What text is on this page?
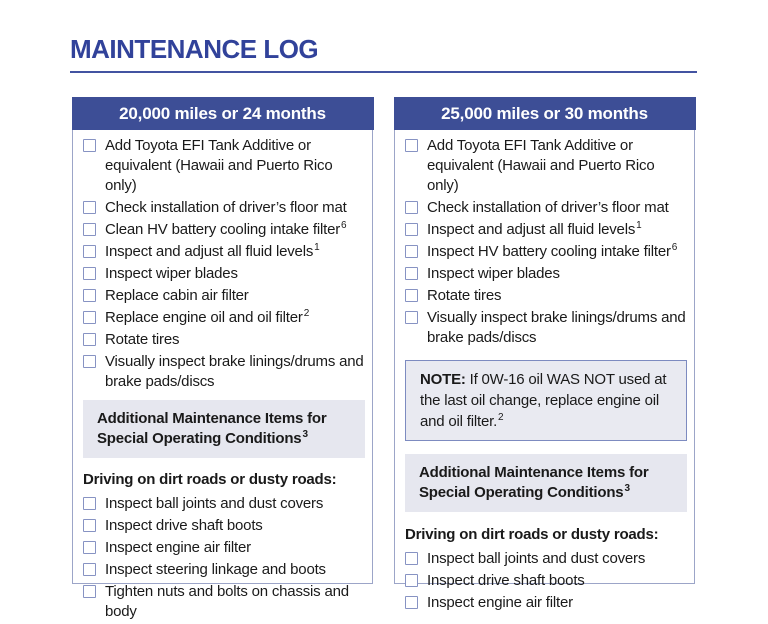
MAINTENANCE LOG
20,000 miles or 24 months
Add Toyota EFI Tank Additive or equivalent (Hawaii and Puerto Rico only)
Check installation of driver’s floor mat
Clean HV battery cooling intake filter$^6$
Inspect and adjust all fluid levels$^1$
Inspect wiper blades
Replace cabin air filter
Replace engine oil and oil filter$^2$
Rotate tires
Visually inspect brake linings/drums and brake pads/discs
Additional Maintenance Items for Special Operating Conditions$^3$
Driving on dirt roads or dusty roads:
Inspect ball joints and dust covers
Inspect drive shaft boots
Inspect engine air filter
Inspect steering linkage and boots
Tighten nuts and bolts on chassis and body
25,000 miles or 30 months
Add Toyota EFI Tank Additive or equivalent (Hawaii and Puerto Rico only)
Check installation of driver’s floor mat
Inspect and adjust all fluid levels$^1$
Inspect HV battery cooling intake filter$^6$
Inspect wiper blades
Rotate tires
Visually inspect brake linings/drums and brake pads/discs
NOTE: If 0W-16 oil WAS NOT used at the last oil change, replace engine oil and oil filter.$^2$
Additional Maintenance Items for Special Operating Conditions$^3$
Driving on dirt roads or dusty roads:
Inspect ball joints and dust covers
Inspect drive shaft boots
Inspect engine air filter
